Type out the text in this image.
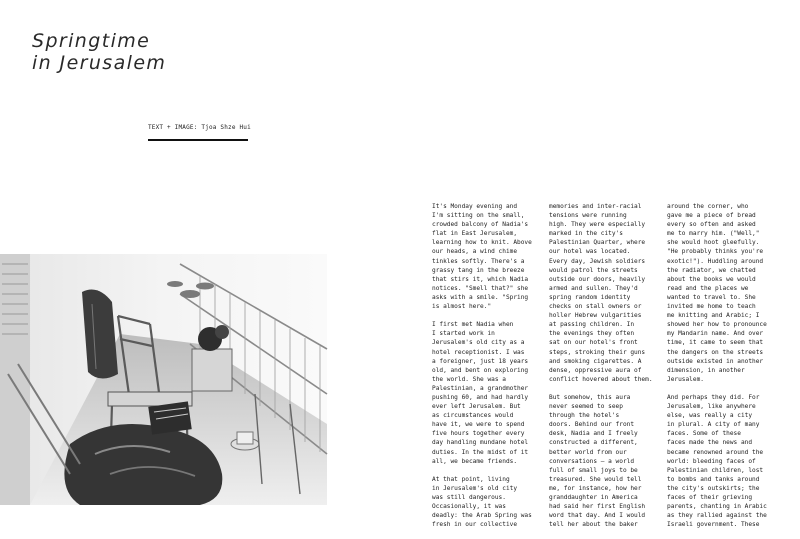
Springtime
in Jerusalem
TEXT + IMAGE: Tjoa Shze Hui

It's Monday evening and
I'm sitting on the small,
crowded balcony of Nadia's
flat in East Jerusalem,
learning how to knit. Above
our heads, a wind chime
tinkles softly. There's a
grassy tang in the breeze
that stirs it, which Nadia
notices. "Smell that?" she
asks with a smile. "Spring
is almost here."

I first met Nadia when
I started work in
Jerusalem's old city as a
hotel receptionist. I was
a foreigner, just 18 years
old, and bent on exploring
the world. She was a
Palestinian, a grandmother
pushing 60, and had hardly
ever left Jerusalem. But
as circumstances would
have it, we were to spend
five hours together every
day handling mundane hotel
duties. In the midst of it
all, we became friends.

At that point, living
in Jerusalem's old city
was still dangerous.
Occasionally, it was
deadly: the Arab Spring was
fresh in our collective

memories and inter-racial
tensions were running
high. They were especially
marked in the city's
Palestinian Quarter, where
our hotel was located.
Every day, Jewish soldiers
would patrol the streets
outside our doors, heavily
armed and sullen. They'd
spring random identity
checks on stall owners or
holler Hebrew vulgarities
at passing children. In
the evenings they often
sat on our hotel's front
steps, stroking their guns
and smoking cigarettes. A
dense, oppressive aura of
conflict hovered about them.

But somehow, this aura
never seemed to seep
through the hotel's
doors. Behind our front
desk, Nadia and I freely
constructed a different,
better world from our
conversations – a world
full of small joys to be
treasured. She would tell
me, for instance, how her
granddaughter in America
had said her first English
word that day. And I would
tell her about the baker

around the corner, who
gave me a piece of bread
every so often and asked
me to marry him. ("Well,"
she would hoot gleefully.
"He probably thinks you're
exotic!"). Huddling around
the radiator, we chatted
about the books we would
read and the places we
wanted to travel to. She
invited me home to teach
me knitting and Arabic; I
showed her how to pronounce
my Mandarin name. And over
time, it came to seem that
the dangers on the streets
outside existed in another
dimension, in another
Jerusalem.

And perhaps they did. For
Jerusalem, like anywhere
else, was really a city
in plural. A city of many
faces. Some of these
faces made the news and
became renowned around the
world: bleeding faces of
Palestinian children, lost
to bombs and tanks around
the city's outskirts; the
faces of their grieving
parents, chanting in Arabic
as they rallied against the
Israeli government. These
